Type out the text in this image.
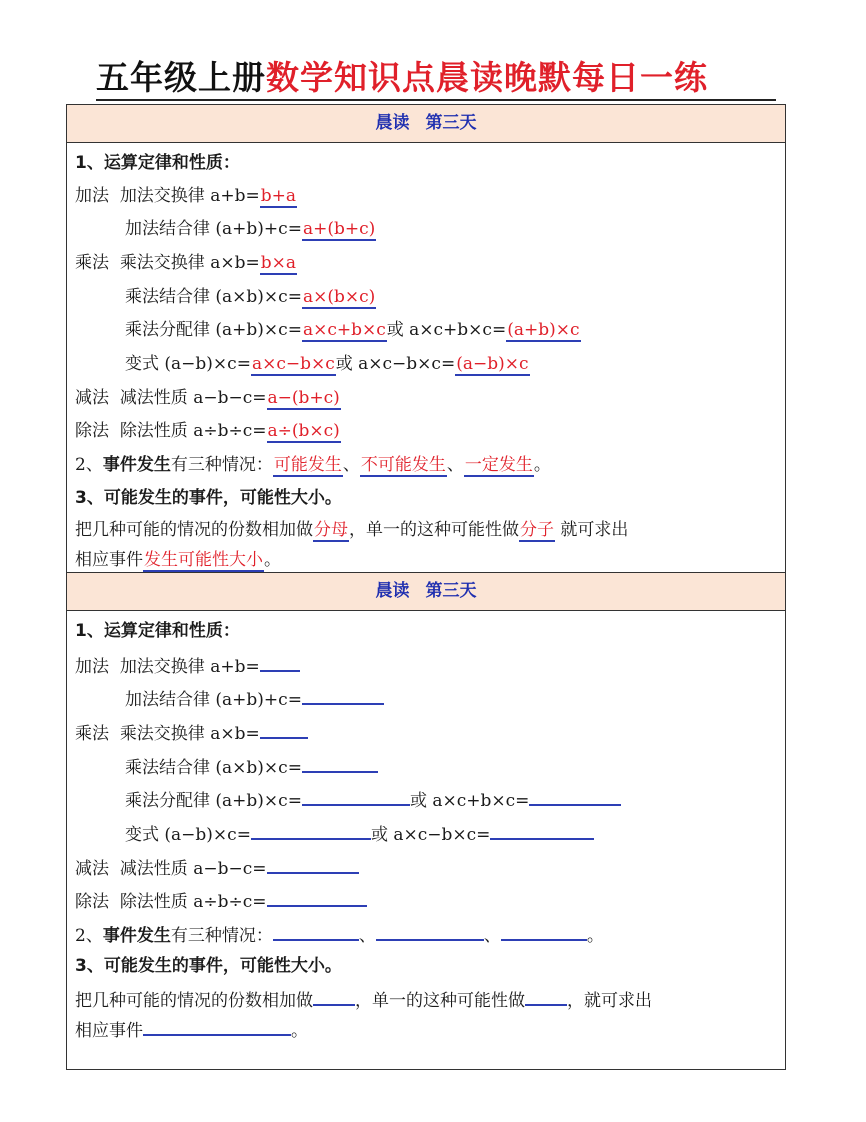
五年级上册数学知识点晨读晚默每日一练
晨读 第三天
1、运算定律和性质：
加法 加法交换律 a+b=b+a
加法结合律 (a+b)+c=a+(b+c)
乘法 乘法交换律 a×b=b×a
乘法结合律 (a×b)×c=a×(b×c)
乘法分配律 (a+b)×c=a×c+b×c或 a×c+b×c=(a+b)×c
变式 (a−b)×c=a×c−b×c或 a×c−b×c=(a−b)×c
减法 减法性质 a−b−c=a−(b+c)
除法 除法性质 a÷b÷c=a÷(b×c)
2、事件发生有三种情况：可能发生、不可能发生、一定发生。
3、可能发生的事件，可能性大小。
把几种可能的情况的份数相加做分母，单一的这种可能性做分子 就可求出
相应事件发生可能性大小。
晨读 第三天
1、运算定律和性质：
加法 加法交换律 a+b=
加法结合律 (a+b)+c=
乘法 乘法交换律 a×b=
乘法结合律 (a×b)×c=
乘法分配律 (a+b)×c=	或 a×c+b×c=
变式 (a−b)×c=	或 a×c−b×c=
减法 减法性质 a−b−c=
除法 除法性质 a÷b÷c=
2、事件发生有三种情况：	、	、	。
3、可能发生的事件，可能性大小。
把几种可能的情况的份数相加做 ，单一的这种可能性做 ，就可求出
相应事件	。
